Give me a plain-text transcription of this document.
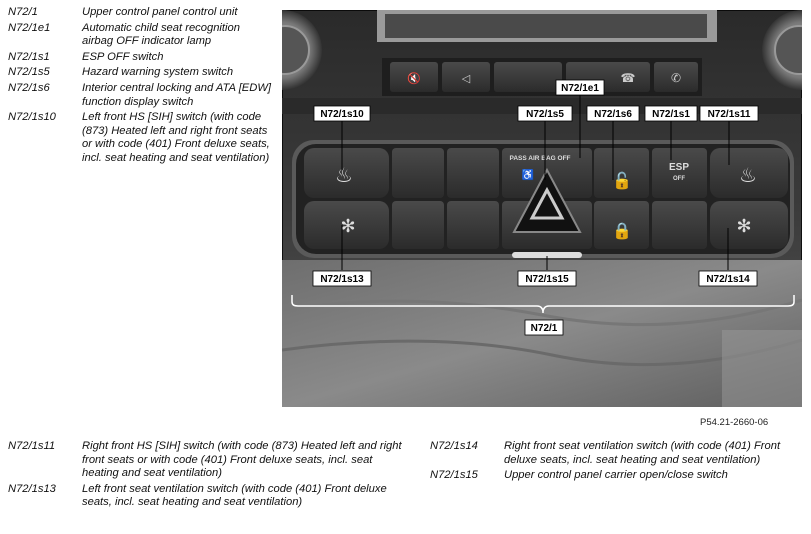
N72/1	Upper control panel control unit
N72/1e1	Automatic child seat recognition airbag OFF indicator lamp
N72/1s1	ESP OFF switch
N72/1s5	Hazard warning system switch
N72/1s6	Interior central locking and ATA [EDW] function display switch
N72/1s10	Left front HS [SIH] switch (with code (873) Heated left and right front seats or with code (401) Front deluxe seats, incl. seat heating and seat ventilation)
N72/1s11	Right front HS [SIH] switch (with code (873) Heated left and right front seats or with code (401) Front deluxe seats, incl. seat heating and seat ventilation)
N72/1s13	Left front seat ventilation switch (with code (401) Front deluxe seats, incl. seat heating and seat ventilation)
N72/1s14	Right front seat ventilation switch (with code (401) Front deluxe seats, incl. seat heating and seat ventilation)
N72/1s15	Upper control panel carrier open/close switch
🔇	◁	☎	✆
♨	♨
✻	✻
🔓
🔒
PASS AIR BAG OFF
♿
ESP
OFF
N72/1e1
N72/1s10	N72/1s5	N72/1s6 N72/1s1 N72/1s11
N72/1s13	N72/1s15	N72/1s14
N72/1
P54.21-2660-06
